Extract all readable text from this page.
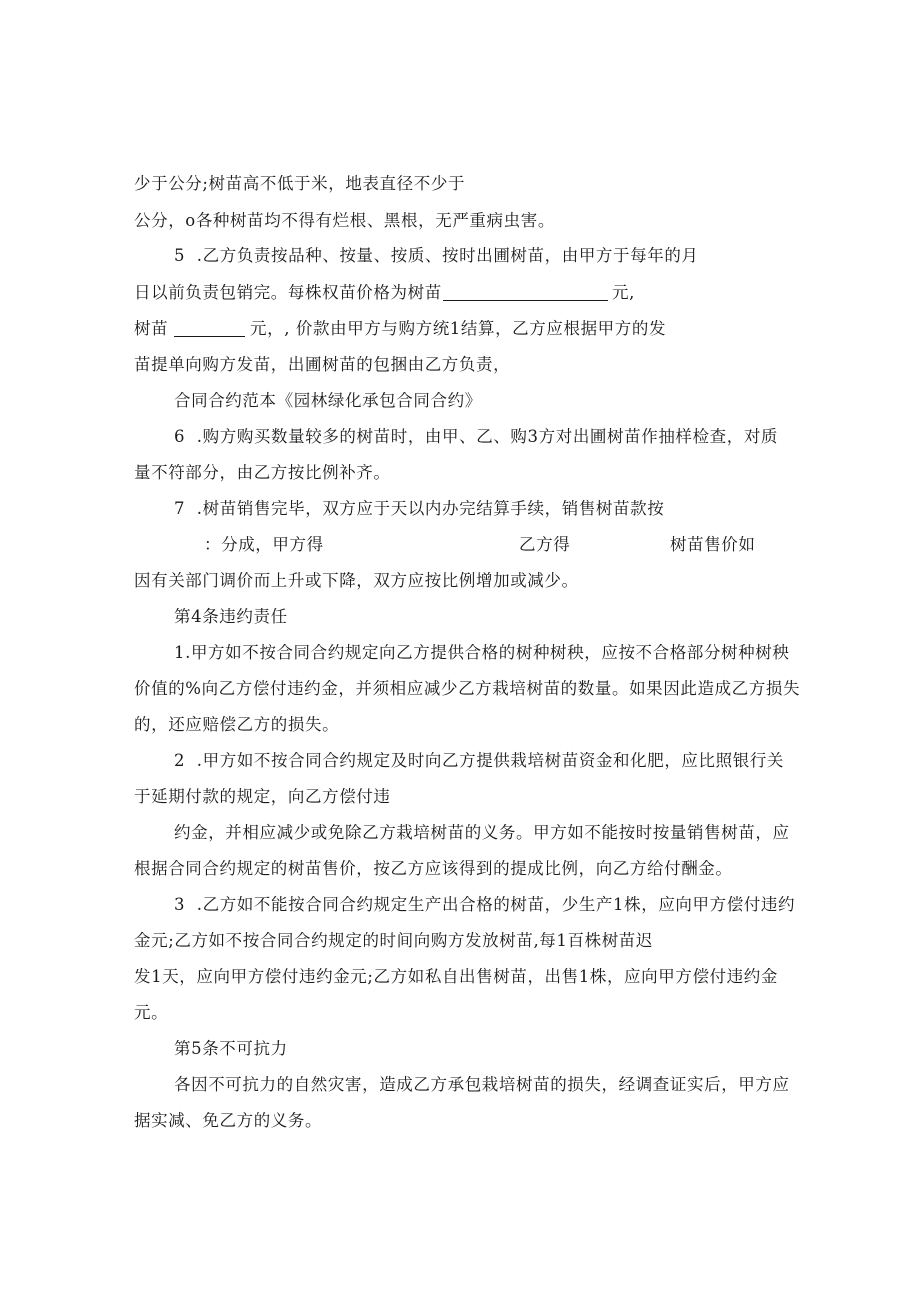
少于公分;树苗高不低于米，地表直径不少于
公分，o各种树苗均不得有烂根、黑根，无严重病虫害。
5  .乙方负责按品种、按量、按质、按时出圃树苗，由甲方于每年的月
日以前负责包销完。每株权苗价格为树苗	元,
树苗	元，, 价款由甲方与购方统1结算，乙方应根据甲方的发
苗提单向购方发苗，出圃树苗的包捆由乙方负责，
合同合约范本《园林绿化承包合同合约》
6  .购方购买数量较多的树苗时，由甲、乙、购3方对出圃树苗作抽样检查，对质
量不符部分，由乙方按比例补齐。
7  .树苗销售完毕，双方应于天以内办完结算手续，销售树苗款按
：分成，甲方得	乙方得	树苗售价如
因有关部门调价而上升或下降，双方应按比例增加或减少。
第4条违约责任
1.甲方如不按合同合约规定向乙方提供合格的树种树秧，应按不合格部分树种树秧
价值的%向乙方偿付违约金，并须相应减少乙方栽培树苗的数量。如果因此造成乙方损失
的，还应赔偿乙方的损失。
2  .甲方如不按合同合约规定及时向乙方提供栽培树苗资金和化肥，应比照银行关
于延期付款的规定，向乙方偿付违
约金，并相应减少或免除乙方栽培树苗的义务。甲方如不能按时按量销售树苗，应
根据合同合约规定的树苗售价，按乙方应该得到的提成比例，向乙方给付酬金。
3  .乙方如不能按合同合约规定生产出合格的树苗，少生产1株，应向甲方偿付违约
金元;乙方如不按合同合约规定的时间向购方发放树苗,每1百株树苗迟
发1天，应向甲方偿付违约金元;乙方如私自出售树苗，出售1株，应向甲方偿付违约金
元。
第5条不可抗力
各因不可抗力的自然灾害，造成乙方承包栽培树苗的损失，经调查证实后，甲方应
据实减、免乙方的义务。
